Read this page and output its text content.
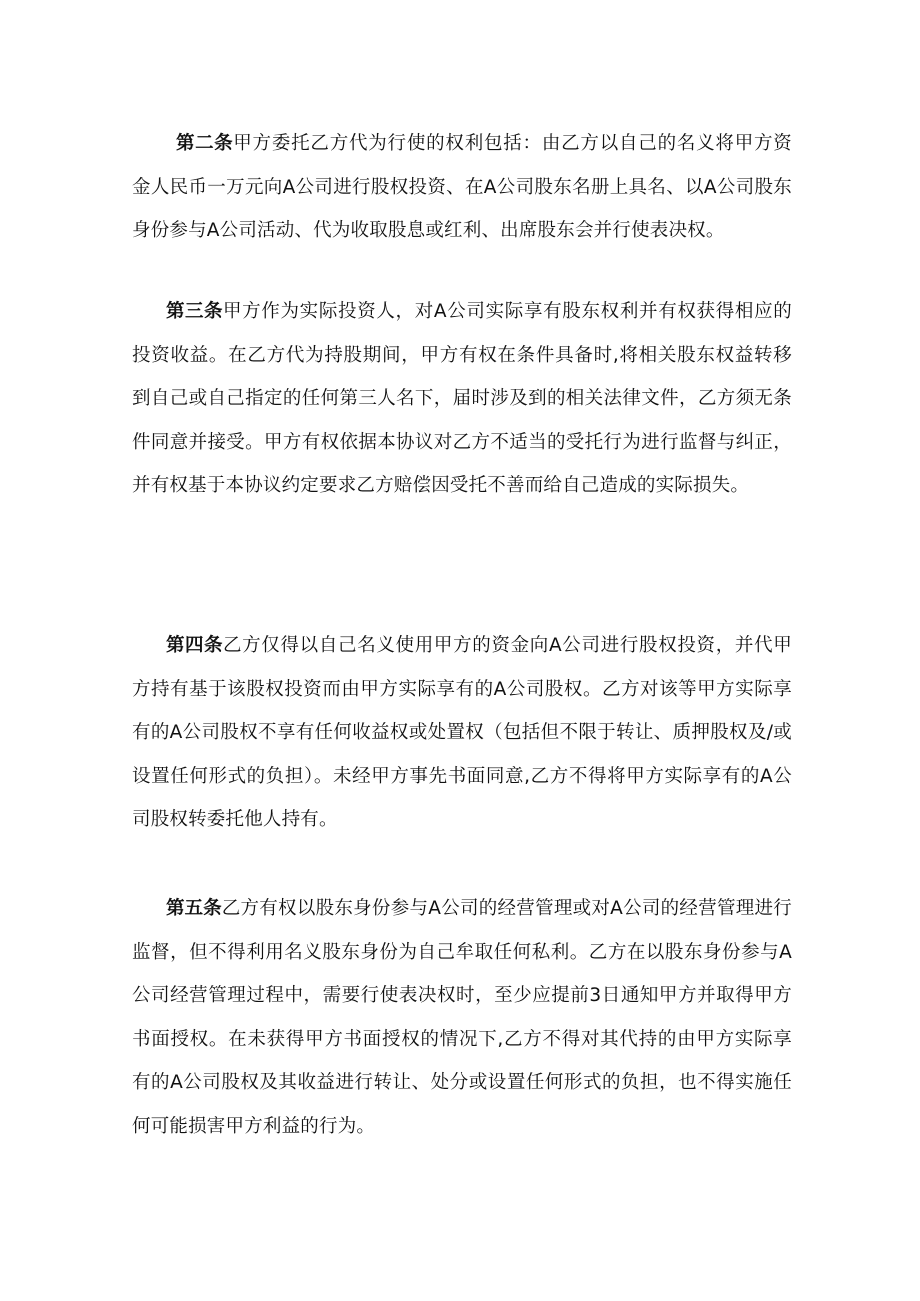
第二条甲方委托乙方代为行使的权利包括：由乙方以自己的名义将甲方资金人民币一万元向A公司进行股权投资、在A公司股东名册上具名、以A公司股东身份参与A公司活动、代为收取股息或红利、出席股东会并行使表决权。

第三条甲方作为实际投资人，对A公司实际享有股东权利并有权获得相应的投资收益。在乙方代为持股期间，甲方有权在条件具备时,将相关股东权益转移到自己或自己指定的任何第三人名下，届时涉及到的相关法律文件，乙方须无条件同意并接受。甲方有权依据本协议对乙方不适当的受托行为进行监督与纠正，并有权基于本协议约定要求乙方赔偿因受托不善而给自己造成的实际损失。

第四条乙方仅得以自己名义使用甲方的资金向A公司进行股权投资，并代甲方持有基于该股权投资而由甲方实际享有的A公司股权。乙方对该等甲方实际享有的A公司股权不享有任何收益权或处置权（包括但不限于转让、质押股权及/或设置任何形式的负担）。未经甲方事先书面同意,乙方不得将甲方实际享有的A公司股权转委托他人持有。

第五条乙方有权以股东身份参与A公司的经营管理或对A公司的经营管理进行监督，但不得利用名义股东身份为自己牟取任何私利。乙方在以股东身份参与A公司经营管理过程中，需要行使表决权时，至少应提前3日通知甲方并取得甲方书面授权。在未获得甲方书面授权的情况下,乙方不得对其代持的由甲方实际享有的A公司股权及其收益进行转让、处分或设置任何形式的负担，也不得实施任何可能损害甲方利益的行为。
